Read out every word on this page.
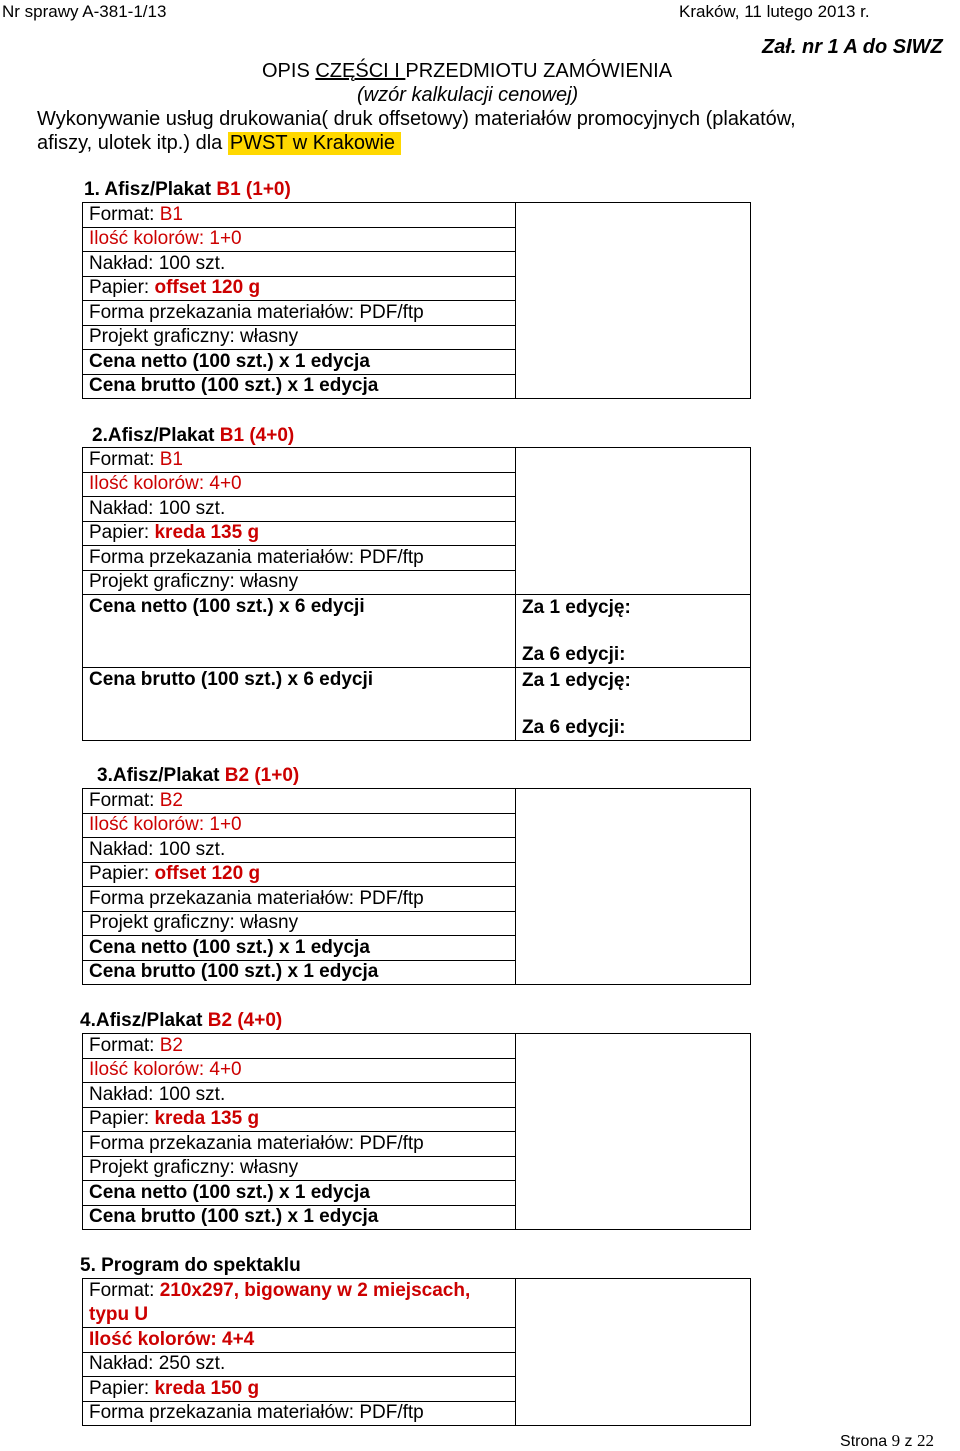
Nr sprawy A-381-1/13	Kraków, 11 lutego 2013 r.
Zał. nr 1 A do SIWZ
OPIS CZĘŚCI I PRZEDMIOTU ZAMÓWIENIA
(wzór kalkulacji cenowej)
Wykonywanie usług drukowania( druk offsetowy) materiałów promocyjnych (plakatów,
afiszy, ulotek itp.) dla PWST w Krakowie
1. Afisz/Plakat B1 (1+0)
Format: B1	
Ilość kolorów: 1+0
Nakład: 100 szt.
Papier: offset 120 g
Forma przekazania materiałów: PDF/ftp
Projekt graficzny: własny
Cena netto (100 szt.) x 1 edycja
Cena brutto (100 szt.) x 1 edycja
2.Afisz/Plakat B1 (4+0)
Format: B1	
Ilość kolorów: 4+0	
Nakład: 100 szt.	
Papier: kreda 135 g	
Forma przekazania materiałów: PDF/ftp	
Projekt graficzny: własny	
Cena netto (100 szt.) x 6 edycji	Za 1 edycję:
Za 6 edycji:

Cena brutto (100 szt.) x 6 edycji	Za 1 edycję:
Za 6 edycji:
3.Afisz/Plakat B2 (1+0)
Format: B2	
Ilość kolorów: 1+0
Nakład: 100 szt.
Papier: offset 120 g
Forma przekazania materiałów: PDF/ftp
Projekt graficzny: własny
Cena netto (100 szt.) x 1 edycja
Cena brutto (100 szt.) x 1 edycja
4.Afisz/Plakat B2 (4+0)
Format: B2	
Ilość kolorów: 4+0
Nakład: 100 szt.
Papier: kreda 135 g
Forma przekazania materiałów: PDF/ftp
Projekt graficzny: własny
Cena netto (100 szt.) x 1 edycja
Cena brutto (100 szt.) x 1 edycja
5. Program do spektaklu
Format: 210x297, bigowany w 2 miejscach,
typu U	
Ilość kolorów: 4+4
Nakład: 250 szt.
Papier: kreda 150 g
Forma przekazania materiałów: PDF/ftp
Strona 9 z 22
